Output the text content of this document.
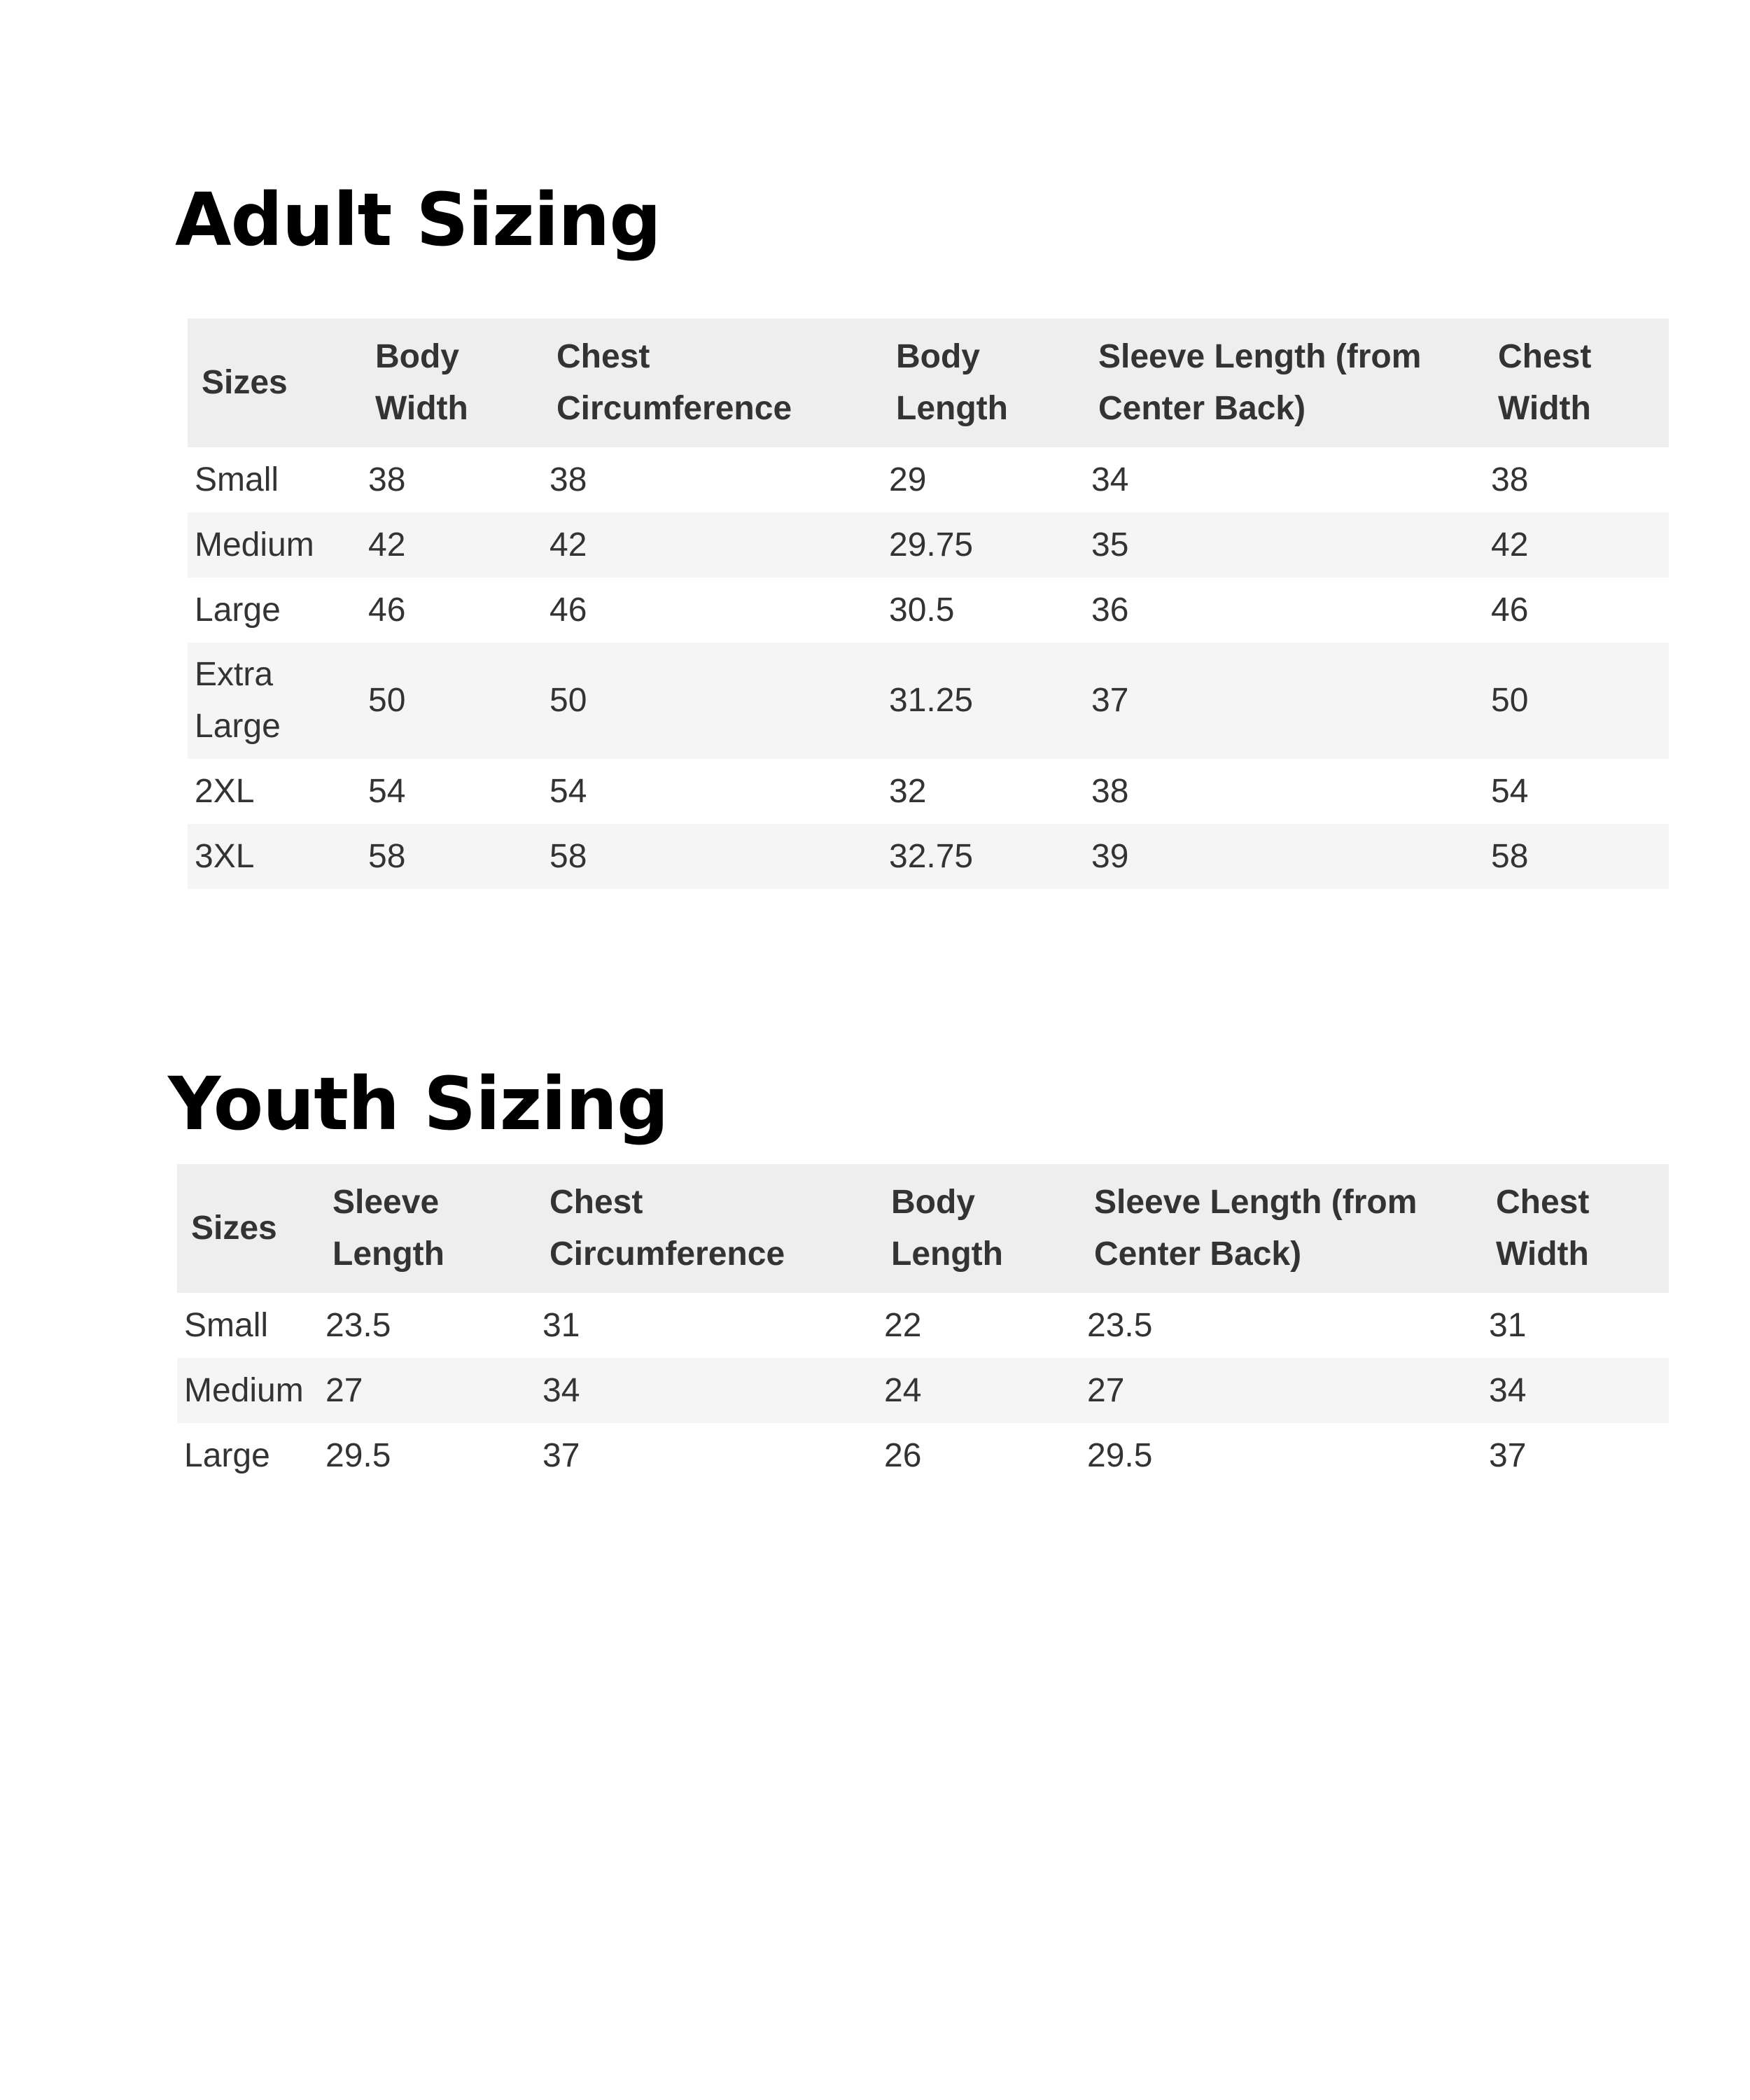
Adult Sizing
Sizes	Body Width	Chest Circumference	Body Length	Sleeve Length (from Center Back)	Chest Width
Small	38	38	29	34	38
Medium	42	42	29.75	35	42
Large	46	46	30.5	36	46
Extra Large	50	50	31.25	37	50
2XL	54	54	32	38	54
3XL	58	58	32.75	39	58
Youth Sizing
Sizes	Sleeve Length	Chest Circumference	Body Length	Sleeve Length (from Center Back)	Chest Width
Small	23.5	31	22	23.5	31
Medium	27	34	24	27	34
Large	29.5	37	26	29.5	37
